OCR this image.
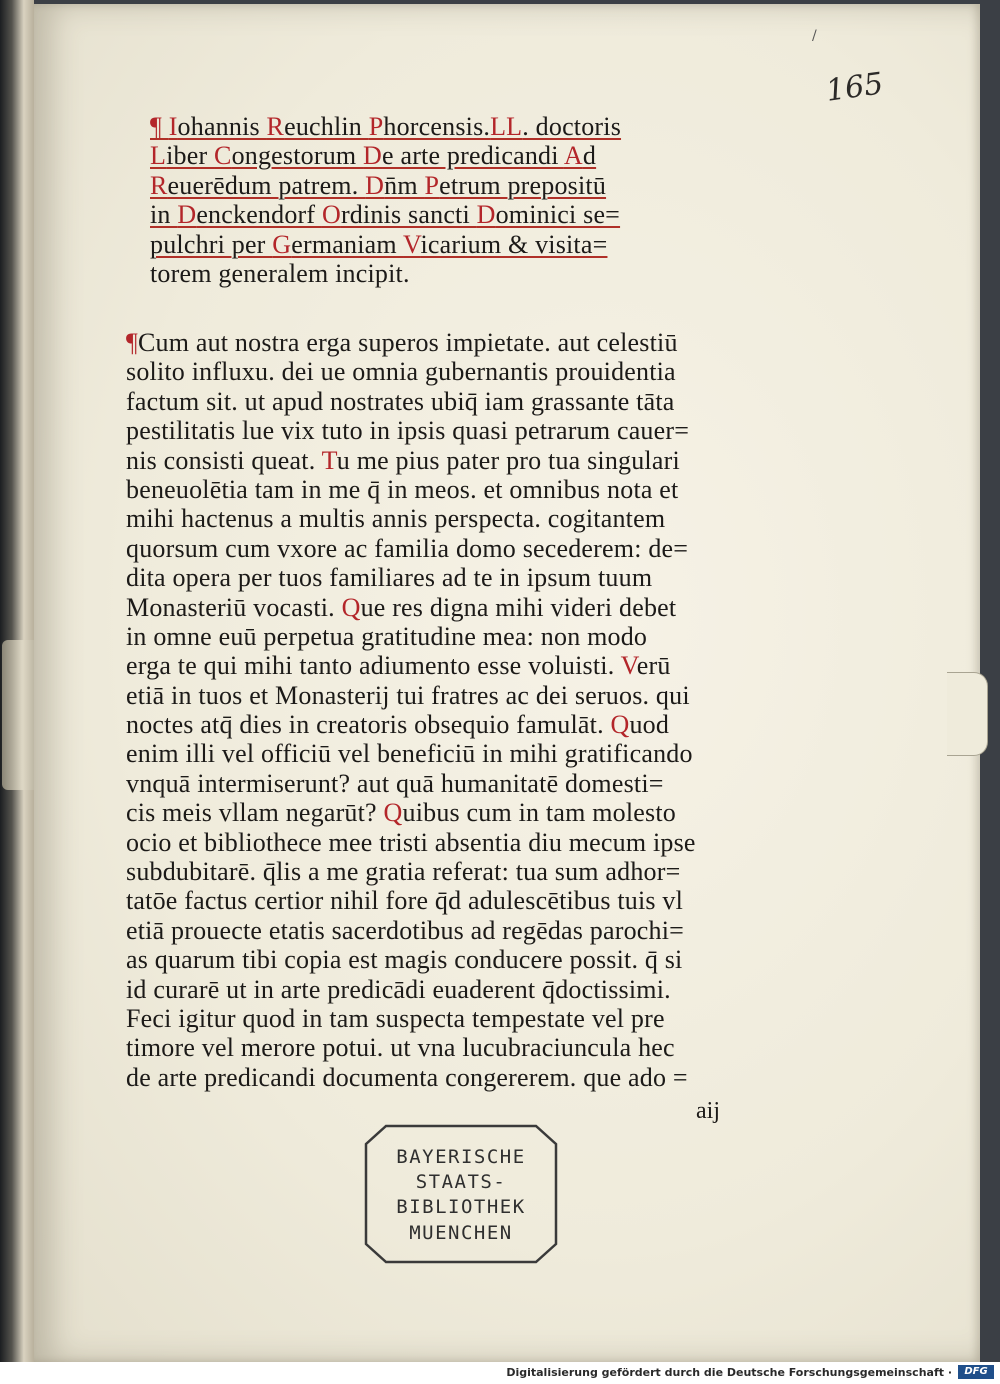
/
165
¶ Iohannis Reuchlin Phorcensis.LL. doctoris
Liber Congestorum De arte predicandi Ad
Reuerēdum patrem. Dn̄m Petrum prepositū
in Denckendorf Ordinis sancti Dominici se=
pulchri per Germaniam Vicarium & visita=
torem generalem incipit.
¶Cum aut nostra erga superos impietate. aut celestiū
solito influxu. dei ue omnia gubernantis prouidentia
factum sit. ut apud nostrates ubiq̄ iam grassante tāta
pestilitatis lue vix tuto in ipsis quasi petrarum cauer=
nis consisti queat. Tu me pius pater pro tua singulari
beneuolētia tam in me q̄ in meos. et omnibus nota et
mihi hactenus a multis annis perspecta. cogitantem
quorsum cum vxore ac familia domo secederem: de=
dita opera per tuos familiares ad te in ipsum tuum
Monasteriū vocasti. Que res digna mihi videri debet
in omne euū perpetua gratitudine mea: non modo
erga te qui mihi tanto adiumento esse voluisti. Verū
etiā in tuos et Monasterij tui fratres ac dei seruos. qui
noctes atq̄ dies in creatoris obsequio famulāt. Quod
enim illi vel officiū vel beneficiū in mihi gratificando
vnquā intermiserunt? aut quā humanitatē domesti=
cis meis vllam negarūt? Quibus cum in tam molesto
ocio et bibliothece mee tristi absentia diu mecum ipse
subdubitarē. q̄lis a me gratia referat: tua sum adhor=
tatōe factus certior nihil fore q̄d adulescētibus tuis vl
etiā prouecte etatis sacerdotibus ad regēdas parochi=
as quarum tibi copia est magis conducere possit. q̄ si
id curarē ut in arte predicādi euaderent q̄doctissimi.
Feci igitur quod in tam suspecta tempestate vel pre
timore vel merore potui. ut vna lucubraciuncula hec
de arte predicandi documenta congererem. que ado =
aij
BAYERISCHE
STAATS-
BIBLIOTHEK
MUENCHEN
Digitalisierung gefördert durch die Deutsche Forschungsgemeinschaft ·	DFG
